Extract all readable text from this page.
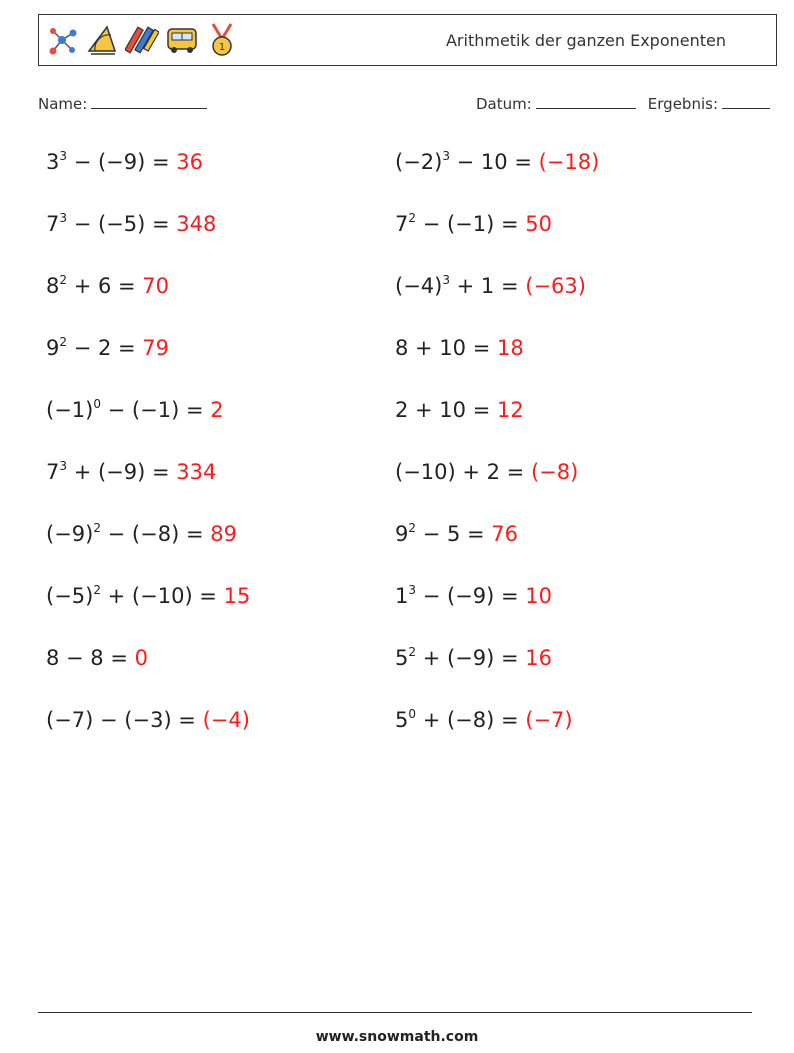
1	Arithmetik der ganzen Exponenten
Name:	Datum:	Ergebnis:
$3^3 - (-9) = 36$
$7^3 - (-5) = 348$
$8^2 + 6 = 70$
$9^2 - 2 = 79$
$(-1)^0 - (-1) = 2$
$7^3 + (-9) = 334$
$(-9)^2 - (-8) = 89$
$(-5)^2 + (-10) = 15$
8 − 8 = 0
(−7) − (−3) = (−4)
$(-2)^3 - 10 = (-18)$
$7^2 - (-1) = 50$
$(-4)^3 + 1 = (-63)$
8 + 10 = 18
2 + 10 = 12
(−10) + 2 = (−8)
$9^2 - 5 = 76$
$1^3 - (-9) = 10$
$5^2 + (-9) = 16$
$5^0 + (-8) = (-7)$
www.snowmath.com
